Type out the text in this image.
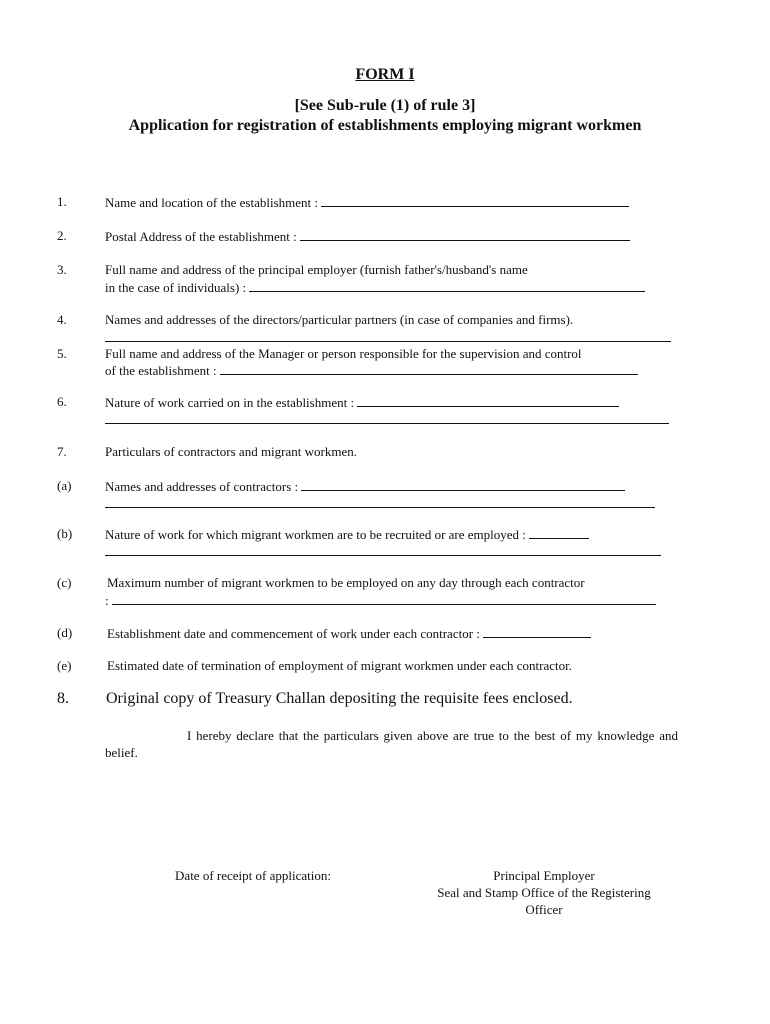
FORM I
[See Sub-rule (1) of rule 3]
Application for registration of establishments employing migrant workmen
1.	Name and location of the establishment :
2.	Postal Address of the establishment :
3.	Full name and address of the principal employer (furnish father's/husband's name
in the case of individuals) :
4.	Names and addresses of the directors/particular partners (in case of companies and firms).
5.	Full name and address of the Manager or person responsible for the supervision and control
of the establishment :
6.	Nature of work carried on in the establishment :
7.	Particulars of contractors and migrant workmen.
(a)	Names and addresses of contractors :
(b)	Nature of work for which migrant workmen are to be recruited or are employed :
(c)	Maximum number of migrant workmen to be employed on any day through each contractor
:
(d)	Establishment date and commencement of work under each contractor :
(e)	Estimated date of termination of employment of migrant workmen under each contractor.
8. Original copy of Treasury Challan depositing the requisite fees enclosed.
I hereby declare that the particulars given above are true to the best of my knowledge and belief.
Date of receipt of application:	Principal Employer
Seal and Stamp Office of the Registering
Officer
